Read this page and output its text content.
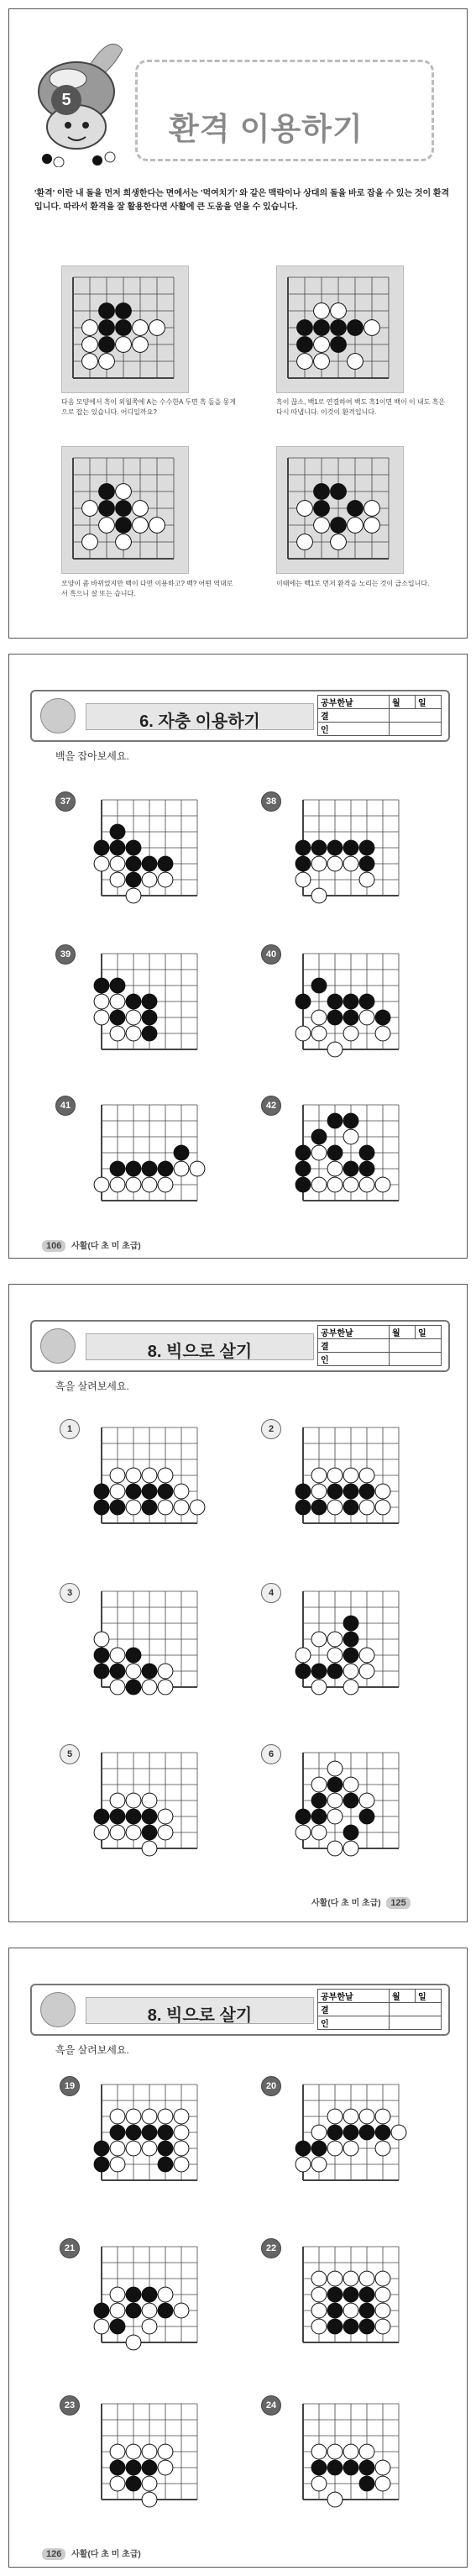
5
환격 이용하기
'환격' 이란 내 돌을 먼저 희생한다는 면에서는 '먹여치기' 와 같은 맥락이나 상대의 돌을 바로 잡을 수 있는 것이 환격입니다. 따라서 환격을 잘 활용한다면 사활에 큰 도움을 얻을 수 있습니다.
다음 모양에서 흑이 외월쪽에 A는 수수한A 두면 흑 돌을 몽게으로 잡는 있습니다. 어디일까요?
흑이 끊소, 백1로 연결하여 백도 흑1이면 백이 이 내도 흑은 다시 따냅니다. 이것이 환격입니다.
모양이 좀 바뀌었지만 백이 다면 이용하고? 백? 어떤 역대로서 흑으니 살 또는 습니다.
이때에는 백1로 먼저 환격을 노리는 것이 급소입니다.
6. 자충 이용하기
공부한날	월	일
결		
인		
백을 잡아보세요.
37	38
39	40
41	42
106 사활(다 초 미 초급)
8. 빅으로 살기
공부한날	월	일
결		
인		
흑을 살려보세요.
1	2
3	4
5	6
사활(다 초 미 초급) 125
8. 빅으로 살기
공부한날	월	일
결		
인		
흑을 살려보세요.
19	20
21	22
23	24
126 사활(다 초 미 초급)
